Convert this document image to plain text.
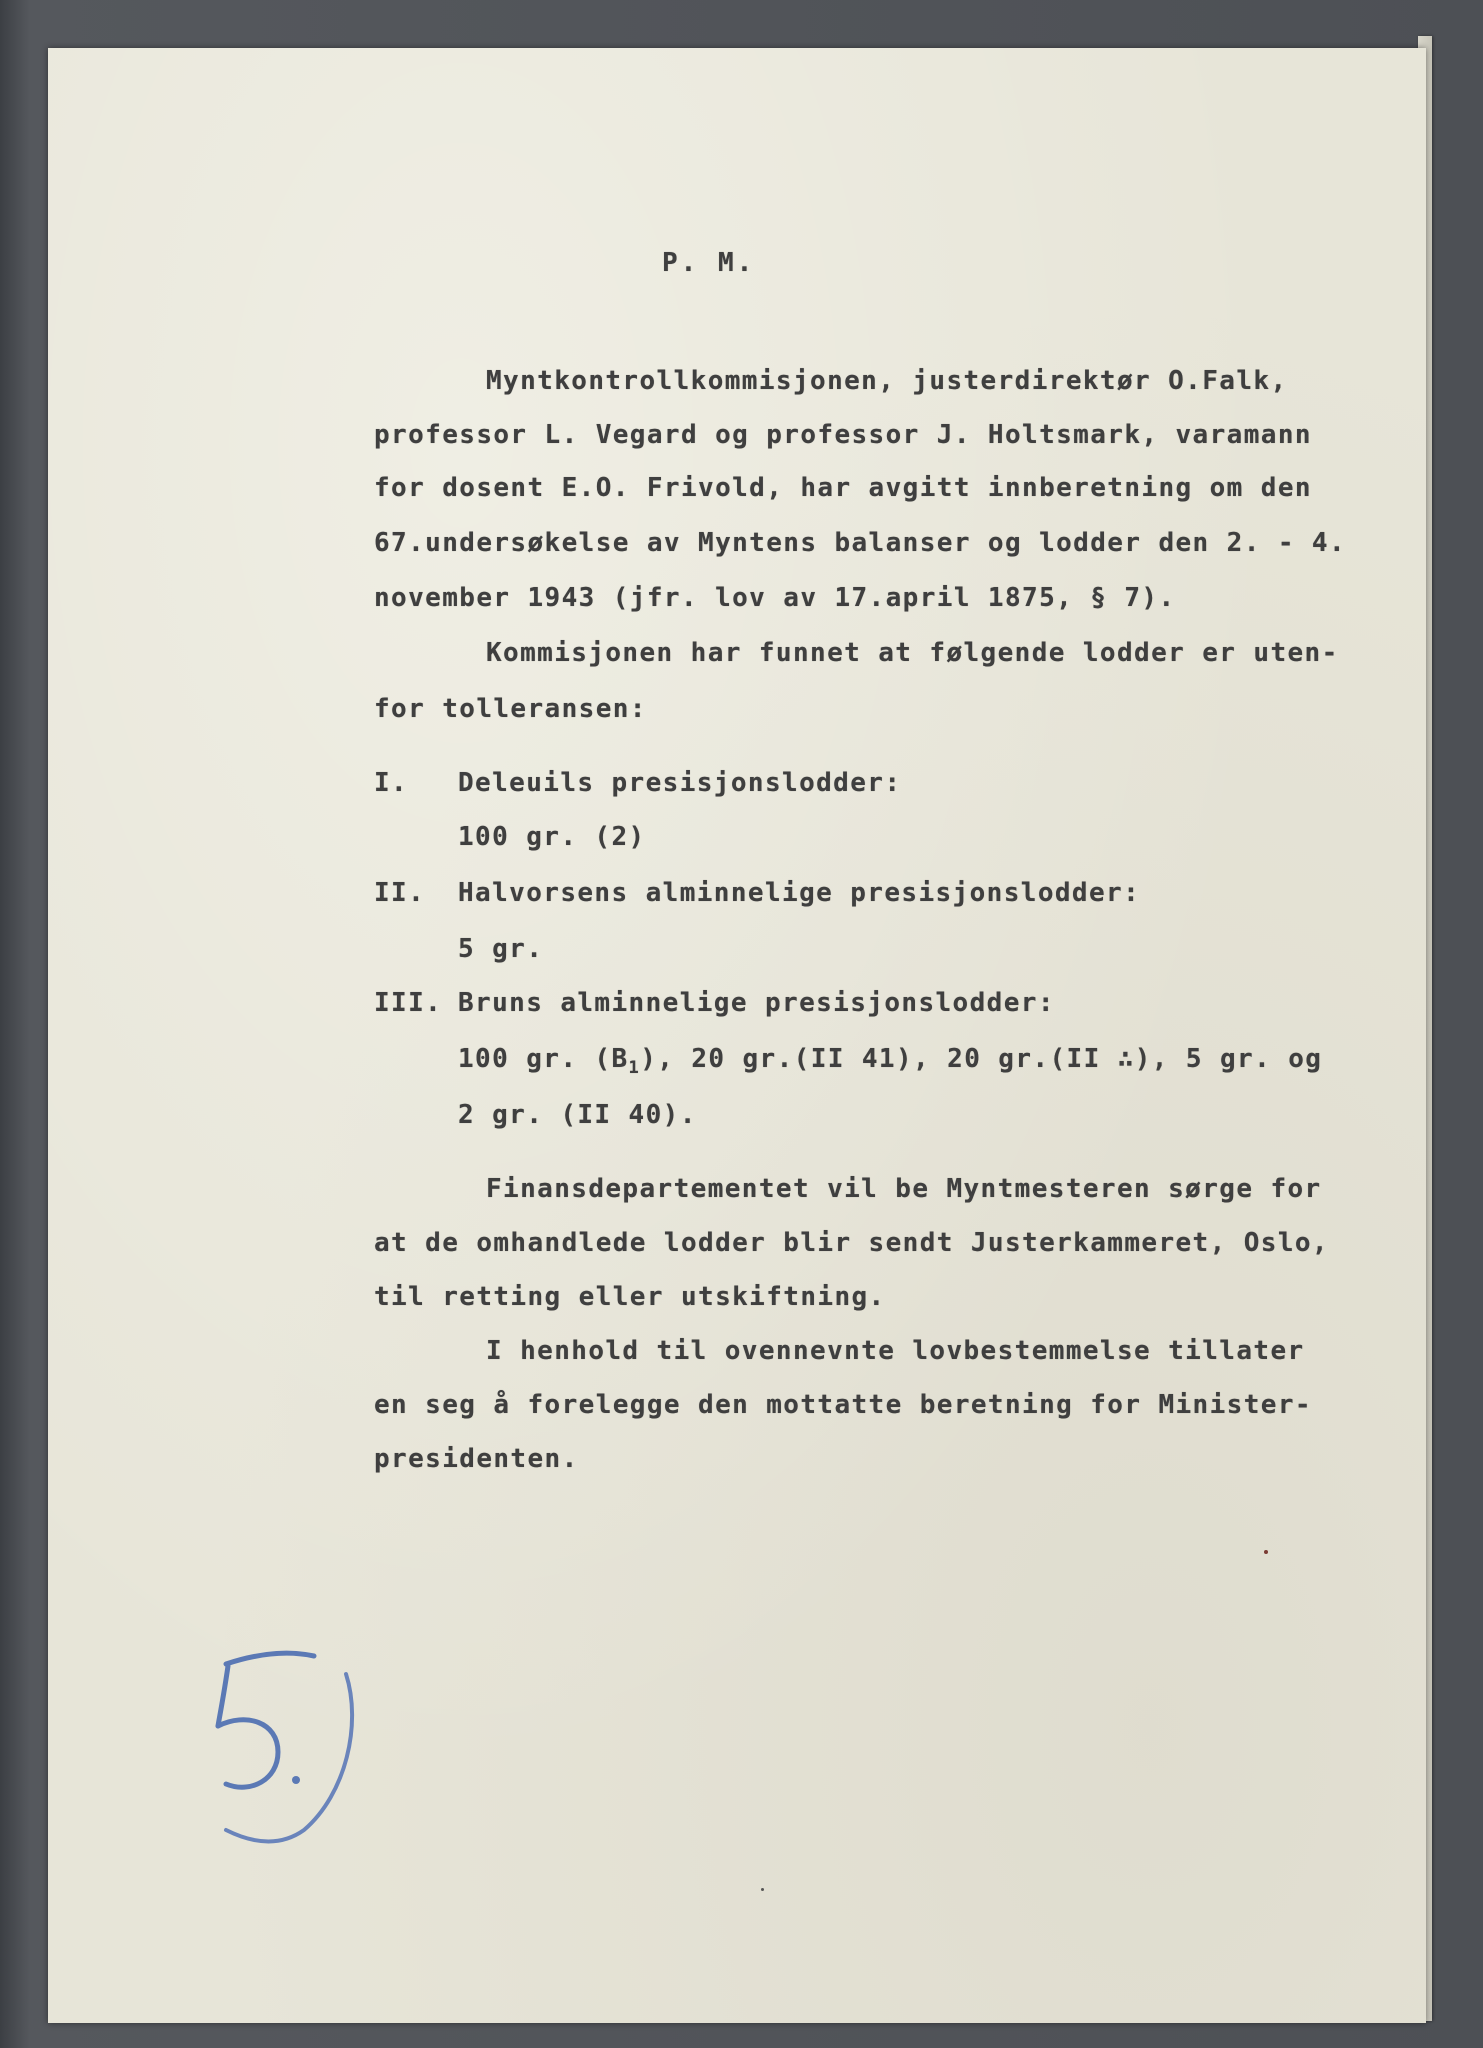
P. M.
Myntkontrollkommisjonen, justerdirektør O.Falk,
professor L. Vegard og professor J. Holtsmark, varamann
for dosent E.O. Frivold, har avgitt innberetning om den
67.undersøkelse av Myntens balanser og lodder den 2. - 4.
november 1943 (jfr. lov av 17.april 1875, § 7).
Kommisjonen har funnet at følgende lodder er uten-
for tolleransen:
I. Deleuils presisjonslodder:
100 gr. (2)
II. Halvorsens alminnelige presisjonslodder:
5 gr.
III. Bruns alminnelige presisjonslodder:
100 gr. $(B_1)$, 20 gr.(II 41), 20 gr.(II ∴), 5 gr. og
2 gr. (II 40).
Finansdepartementet vil be Myntmesteren sørge for
at de omhandlede lodder blir sendt Justerkammeret, Oslo,
til retting eller utskiftning.
I henhold til ovennevnte lovbestemmelse tillater
en seg å forelegge den mottatte beretning for Minister-
presidenten.
